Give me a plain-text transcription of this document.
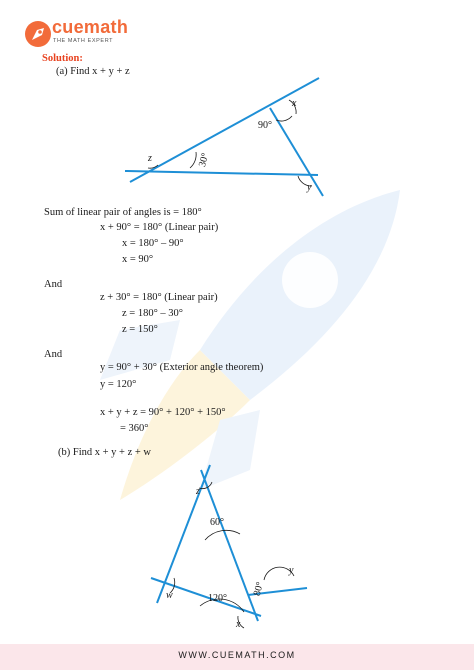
cuemath
THE MATH EXPERT
Solution:
(a) Find x + y + z
Sum of linear pair of angles is = 180°
x + 90° = 180° (Linear pair)
x = 180° – 90°
x = 90°
And
z + 30° = 180° (Linear pair)
z = 180° – 30°
z = 150°
And
y = 90° + 30° (Exterior angle theorem)
y = 120°
x + y + z = 90° + 120° + 150°
= 360°
(b) Find x + y + z + w
z	30°
90°
x
y
z
60°
y
80°
w	120°
x
WWW.CUEMATH.COM
